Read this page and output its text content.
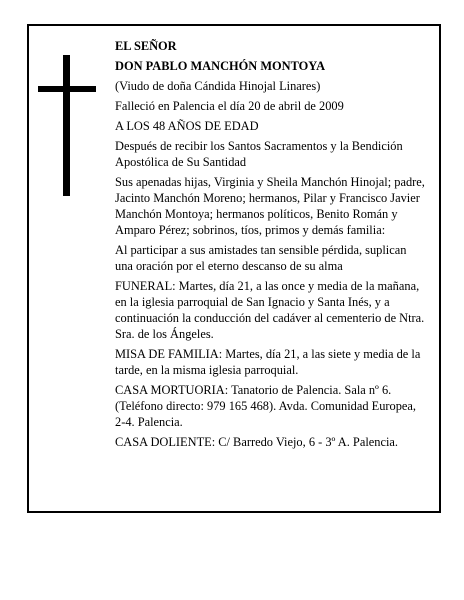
EL SEÑOR

DON PABLO MANCHÓN MONTOYA

(Viudo de doña Cándida Hinojal Linares)

Falleció en Palencia el día 20 de abril de 2009

A LOS 48 AÑOS DE EDAD

Después de recibir los Santos Sacramentos y la Bendición Apostólica de Su Santidad

Sus apenadas hijas, Virginia y Sheila Manchón Hinojal; padre, Jacinto Manchón Moreno; hermanos, Pilar y Francisco Javier Manchón Montoya; hermanos políticos, Benito Román y Amparo Pérez; sobrinos, tíos, primos y demás familia:

Al participar a sus amistades tan sensible pérdida, suplican una oración por el eterno descanso de su alma

FUNERAL: Martes, día 21, a las once y media de la mañana, en la iglesia parroquial de San Ignacio y Santa Inés, y a continuación la conducción del cadáver al cementerio de Ntra. Sra. de los Ángeles.

MISA DE FAMILIA: Martes, día 21, a las siete y media de la tarde, en la misma iglesia parroquial.

CASA MORTUORIA: Tanatorio de Palencia. Sala nº 6. (Teléfono directo: 979 165 468). Avda. Comunidad Europea, 2-4. Palencia.

CASA DOLIENTE: C/ Barredo Viejo, 6 - 3º A. Palencia.
